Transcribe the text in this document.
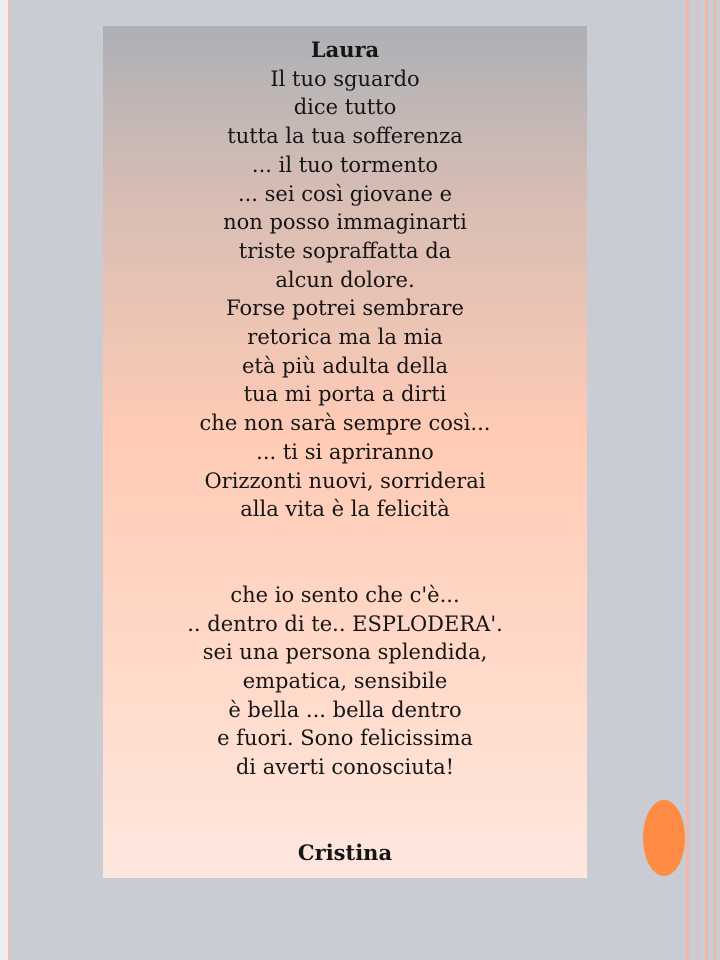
Laura
Il tuo sguardo
dice tutto
tutta la tua sofferenza
... il tuo tormento
... sei così giovane e
non posso immaginarti
triste sopraffatta da
alcun dolore.
Forse potrei sembrare
retorica ma la mia
età più adulta della
tua mi porta a dirti
che non sarà sempre così...
... ti si apriranno
Orizzonti nuovi, sorriderai
alla vita è la felicità
che io sento che c'è...
.. dentro di te.. ESPLODERA'.
sei una persona splendida,
empatica, sensibile
è bella ... bella dentro
e fuori. Sono felicissima
di averti conosciuta!
Cristina
